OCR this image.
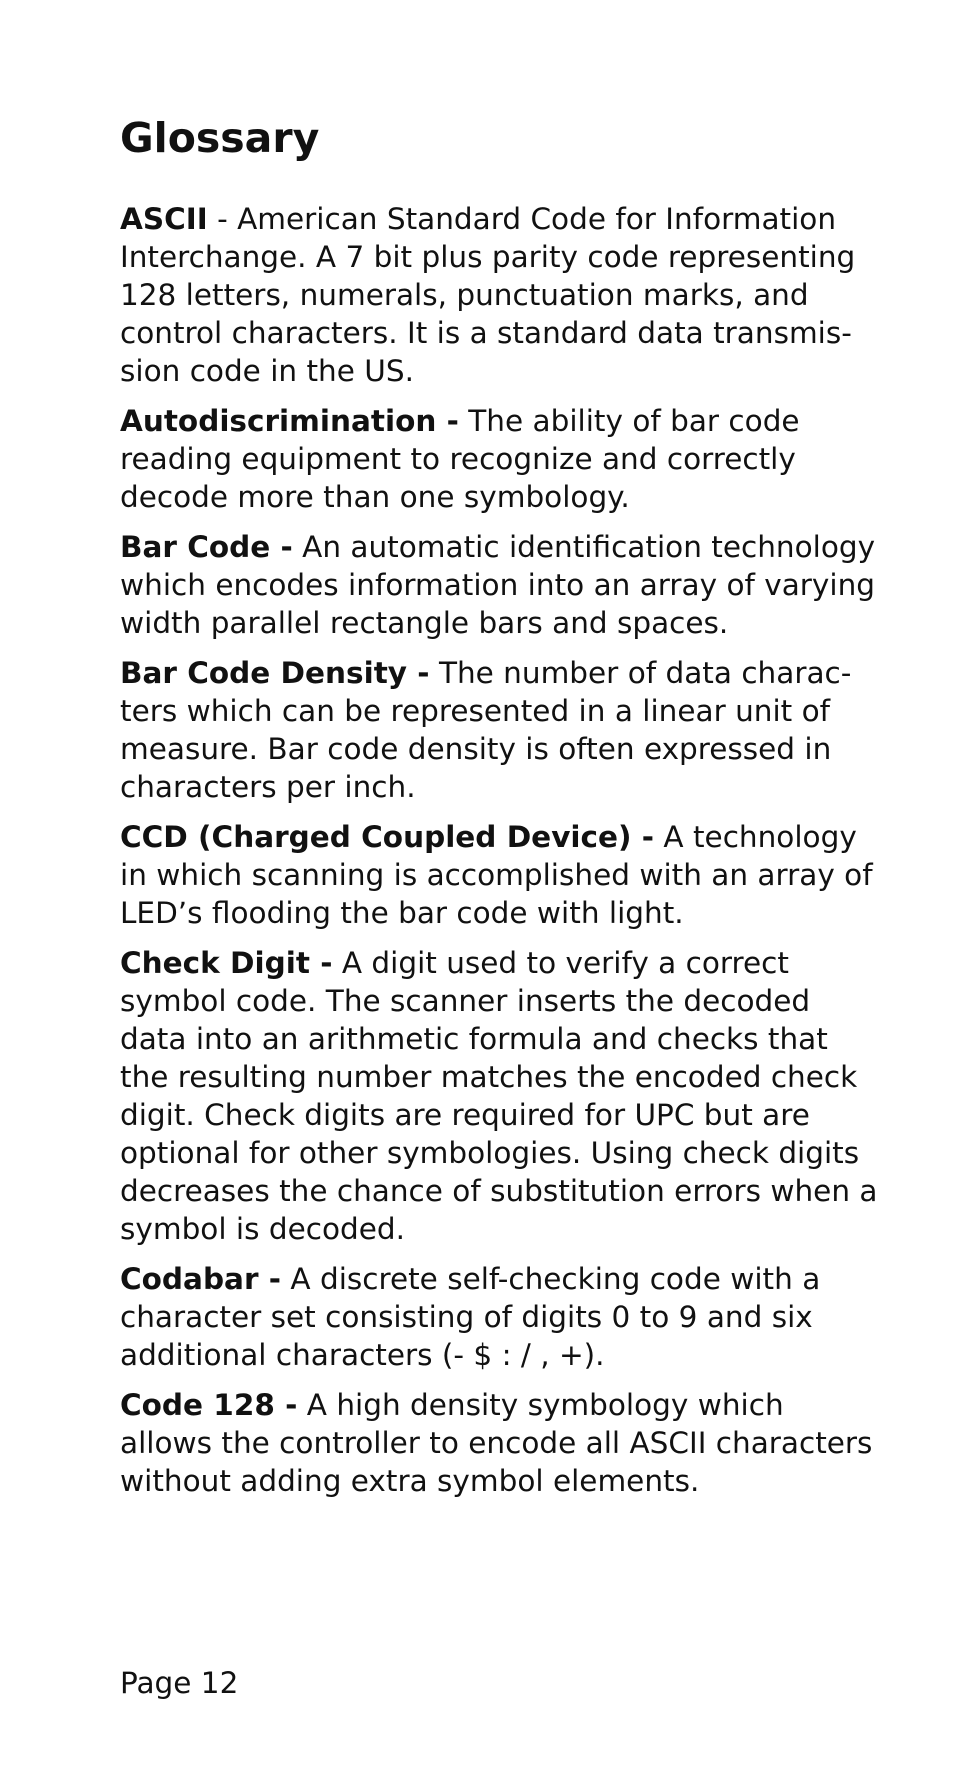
Glossary

ASCII - American Standard Code for Information
Interchange. A 7 bit plus parity code representing
128 letters, numerals, punctuation marks, and
control characters. It is a standard data transmis-
sion code in the US.

Autodiscrimination - The ability of bar code
reading equipment to recognize and correctly
decode more than one symbology.

Bar Code - An automatic identification technology
which encodes information into an array of varying
width parallel rectangle bars and spaces.

Bar Code Density - The number of data charac-
ters which can be represented in a linear unit of
measure. Bar code density is often expressed in
characters per inch.

CCD (Charged Coupled Device) - A technology
in which scanning is accomplished with an array of
LED’s flooding the bar code with light.

Check Digit - A digit used to verify a correct
symbol code. The scanner inserts the decoded
data into an arithmetic formula and checks that
the resulting number matches the encoded check
digit. Check digits are required for UPC but are
optional for other symbologies. Using check digits
decreases the chance of substitution errors when a
symbol is decoded.

Codabar - A discrete self-checking code with a
character set consisting of digits 0 to 9 and six
additional characters (- $ : / , +).

Code 128 - A high density symbology which
allows the controller to encode all ASCII characters
without adding extra symbol elements.

Page 12
